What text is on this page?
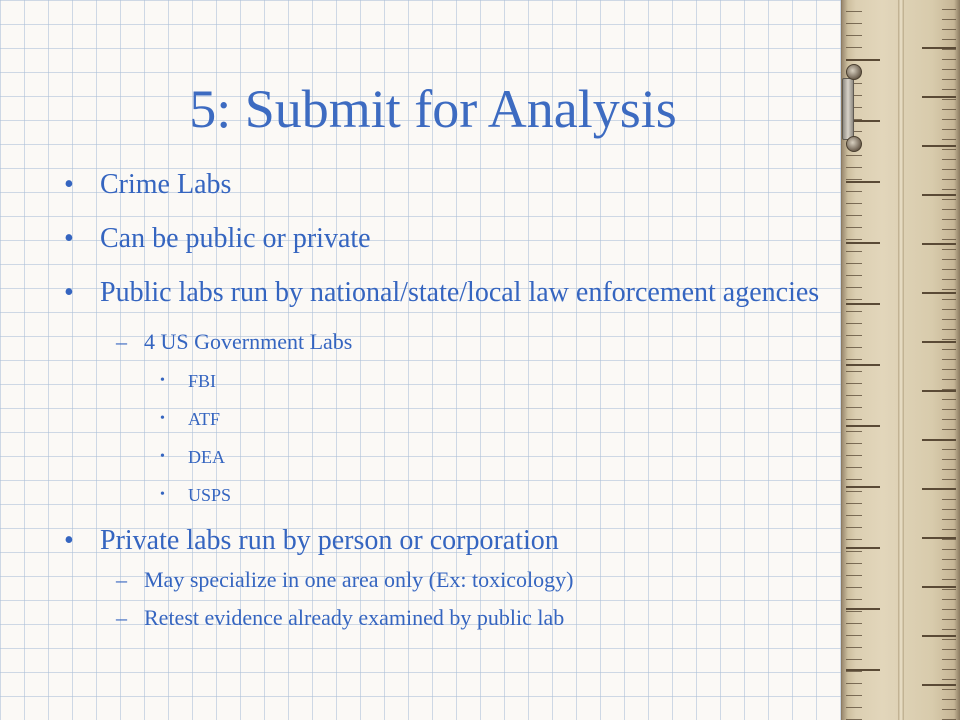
5: Submit for Analysis
• Crime Labs
• Can be public or private
• Public labs run by national/state/local law enforcement agencies
– 4 US Government Labs
• FBI
• ATF
• DEA
• USPS
• Private labs run by person or corporation
– May specialize in one area only (Ex: toxicology)
– Retest evidence already examined by public lab
